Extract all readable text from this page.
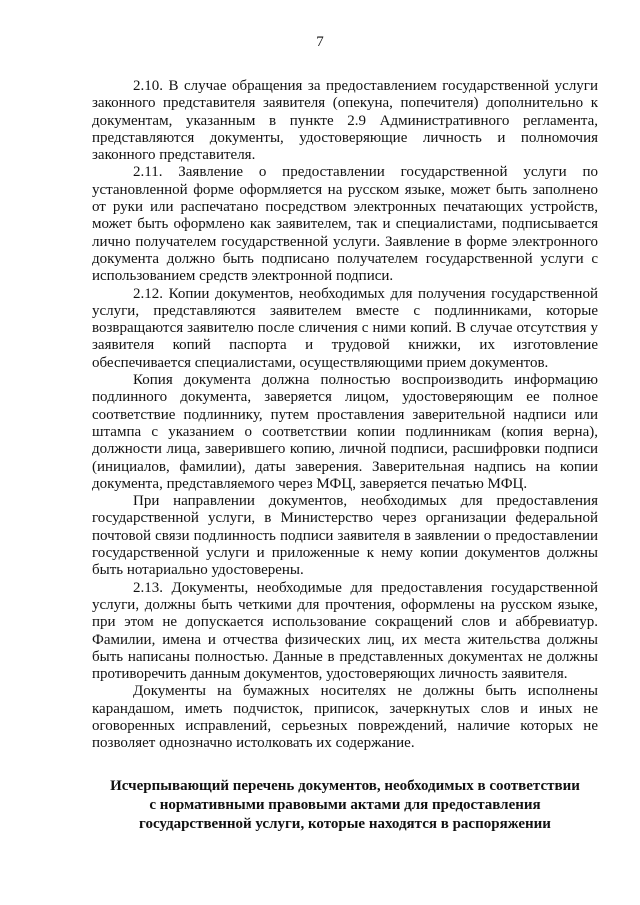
7

2.10. В случае обращения за предоставлением государственной услуги законного представителя заявителя (опекуна, попечителя) дополнительно к документам, указанным в пункте 2.9 Административного регламента, представляются документы, удостоверяющие личность и полномочия законного представителя.

2.11. Заявление о предоставлении государственной услуги по установленной форме оформляется на русском языке, может быть заполнено от руки или распечатано посредством электронных печатающих устройств, может быть оформлено как заявителем, так и специалистами, подписывается лично получателем государственной услуги. Заявление в форме электронного документа должно быть подписано получателем государственной услуги с использованием средств электронной подписи.

2.12. Копии документов, необходимых для получения государственной услуги, представляются заявителем вместе с подлинниками, которые возвращаются заявителю после сличения с ними копий. В случае отсутствия у заявителя копий паспорта и трудовой книжки, их изготовление обеспечивается специалистами, осуществляющими прием документов.

Копия документа должна полностью воспроизводить информацию подлинного документа, заверяется лицом, удостоверяющим ее полное соответствие подлиннику, путем проставления заверительной надписи или штампа с указанием о соответствии копии подлинникам (копия верна), должности лица, заверившего копию, личной подписи, расшифровки подписи (инициалов, фамилии), даты заверения. Заверительная надпись на копии документа, представляемого через МФЦ, заверяется печатью МФЦ.

При направлении документов, необходимых для предоставления государственной услуги, в Министерство через организации федеральной почтовой связи подлинность подписи заявителя в заявлении о предоставлении государственной услуги и приложенные к нему копии документов должны быть нотариально удостоверены.

2.13. Документы, необходимые для предоставления государственной услуги, должны быть четкими для прочтения, оформлены на русском языке, при этом не допускается использование сокращений слов и аббревиатур. Фамилии, имена и отчества физических лиц, их места жительства должны быть написаны полностью. Данные в представленных документах не должны противоречить данным документов, удостоверяющих личность заявителя.

Документы на бумажных носителях не должны быть исполнены карандашом, иметь подчисток, приписок, зачеркнутых слов и иных не оговоренных исправлений, серьезных повреждений, наличие которых не позволяет однозначно истолковать их содержание.

Исчерпывающий перечень документов, необходимых в соответствии
с нормативными правовыми актами для предоставления
государственной услуги, которые находятся в распоряжении
